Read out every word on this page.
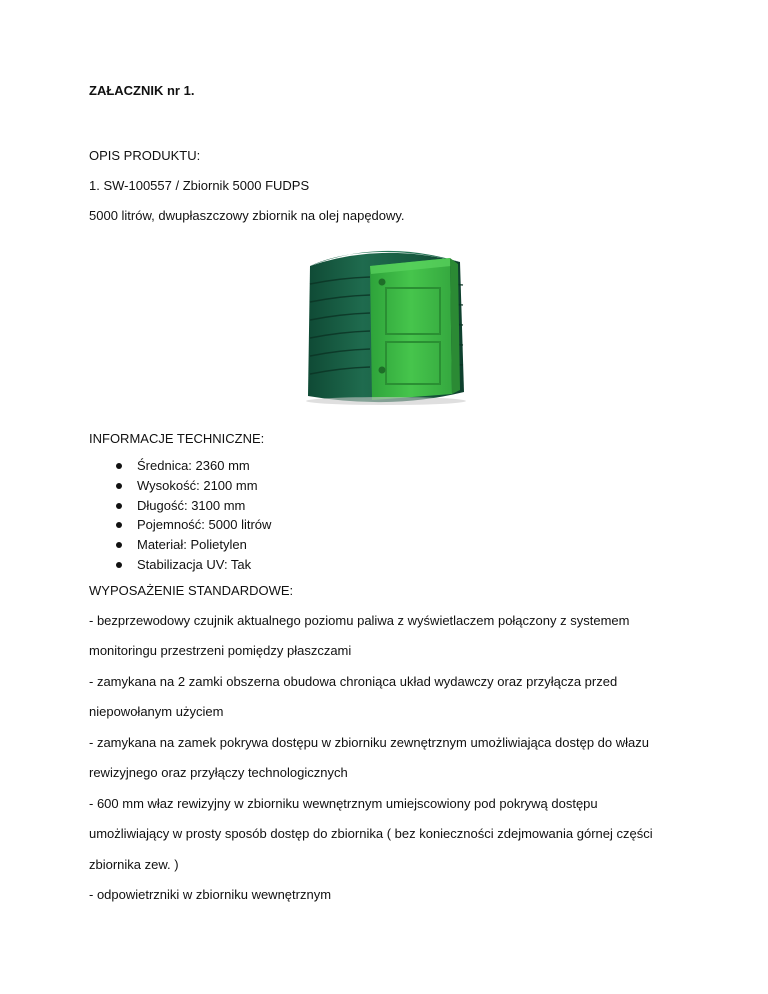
ZAŁACZNIK nr 1.
OPIS PRODUKTU:
1. SW-100557 / Zbiornik 5000 FUDPS
5000 litrów, dwupłaszczowy zbiornik na olej napędowy.
INFORMACJE TECHNICZNE:
Średnica: 2360 mm
Wysokość: 2100 mm
Długość: 3100 mm
Pojemność: 5000 litrów
Materiał: Polietylen
Stabilizacja UV: Tak
WYPOSAŻENIE STANDARDOWE:
- bezprzewodowy czujnik aktualnego poziomu paliwa z wyświetlaczem połączony z systemem
monitoringu przestrzeni pomiędzy płaszczami
- zamykana na 2 zamki obszerna obudowa chroniąca układ wydawczy oraz przyłącza przed
niepowołanym użyciem
- zamykana na zamek pokrywa dostępu w zbiorniku zewnętrznym umożliwiająca dostęp do włazu
rewizyjnego oraz przyłączy technologicznych
- 600 mm właz rewizyjny w zbiorniku wewnętrznym umiejscowiony pod pokrywą dostępu
umożliwiający w prosty sposób dostęp do zbiornika ( bez konieczności zdejmowania górnej części
zbiornika zew. )
- odpowietrzniki w zbiorniku wewnętrznym
